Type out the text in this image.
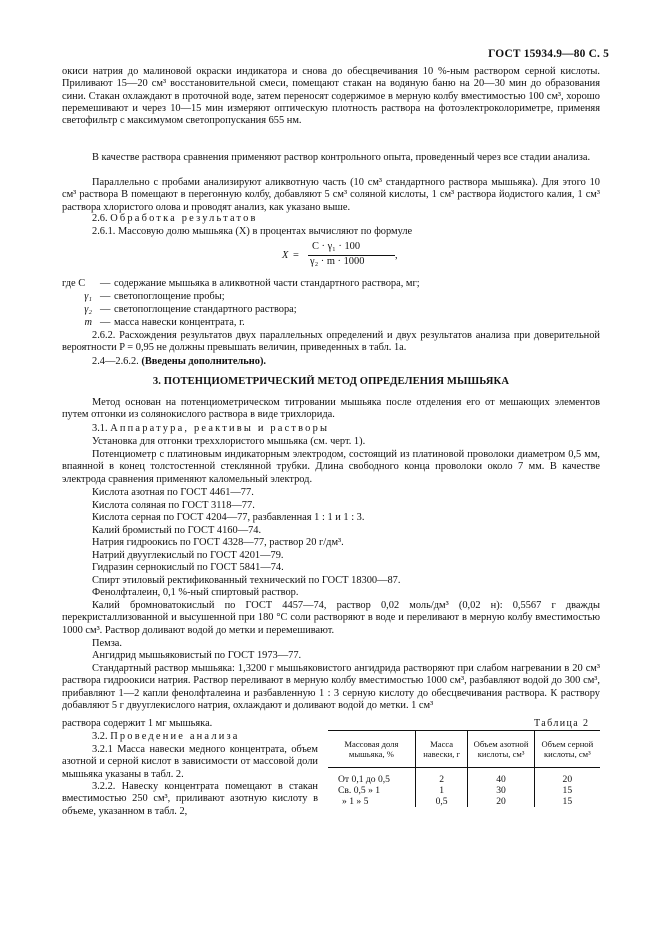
ГОСТ 15934.9—80 С. 5

окиси натрия до малиновой окраски индикатора и снова до обесцвечивания 10 %-ным раствором серной кислоты. Приливают 15—20 см³ восстановительной смеси, помещают стакан на водяную баню на 20—30 мин до образования сини. Стакан охлаждают в проточной воде, затем переносят содержимое в мерную колбу вместимостью 100 см³, хорошо перемешивают и через 10—15 мин измеряют оптическую плотность раствора на фотоэлектроколориметре, применяя светофильтр с максимумом светопропускания 655 нм.

В качестве раствора сравнения применяют раствор контрольного опыта, проведенный через все стадии анализа.

Параллельно с пробами анализируют аликвотную часть (10 см³ стандартного раствора мышьяка). Для этого 10 см³ раствора В помещают в перегонную колбу, добавляют 5 см³ соляной кислоты, 1 см³ раствора йодистого калия, 1 см³ раствора хлористого олова и проводят анализ, как указано выше.

2.6. Обработка результатов

2.6.1. Массовую долю мышьяка (X) в процентах вычисляют по формуле

X =
C · γ₁ · 100
γ₂ · m · 1000
,
где C — содержание мышьяка в аликвотной части стандартного раствора, мг;
γ₁ — светопоглощение пробы;
γ₂ — светопоглощение стандартного раствора;
m — масса навески концентрата, г.

2.6.2. Расхождения результатов двух параллельных определений и двух результатов анализа при доверительной вероятности P = 0,95 не должны превышать величин, приведенных в табл. 1а.

2.4—2.6.2. (Введены дополнительно).
3. ПОТЕНЦИОМЕТРИЧЕСКИЙ МЕТОД ОПРЕДЕЛЕНИЯ МЫШЬЯКА

Метод основан на потенциометрическом титровании мышьяка после отделения его от мешающих элементов путем отгонки из солянокислого раствора в виде трихлорида.

3.1. Аппаратура, реактивы и растворы

Установка для отгонки треххлористого мышьяка (см. черт. 1).

Потенциометр с платиновым индикаторным электродом, состоящий из платиновой проволоки диаметром 0,5 мм, впаянной в конец толстостенной стеклянной трубки. Длина свободного конца проволоки около 7 мм. В качестве электрода сравнения применяют каломельный электрод.

Кислота азотная по ГОСТ 4461—77.

Кислота соляная по ГОСТ 3118—77.

Кислота серная по ГОСТ 4204—77, разбавленная 1 : 1 и 1 : 3.

Калий бромистый по ГОСТ 4160—74.

Натрия гидроокись по ГОСТ 4328—77, раствор 20 г/дм³.

Натрий двууглекислый по ГОСТ 4201—79.

Гидразин сернокислый по ГОСТ 5841—74.

Спирт этиловый ректификованный технический по ГОСТ 18300—87.

Фенолфталеин, 0,1 %-ный спиртовый раствор.

Калий бромноватокислый по ГОСТ 4457—74, раствор 0,02 моль/дм³ (0,02 н): 0,5567 г дважды перекристаллизованной и высушенной при 180 °С соли растворяют в воде и переливают в мерную колбу вместимостью 1000 см³. Раствор доливают водой до метки и перемешивают.

Пемза.

Ангидрид мышьяковистый по ГОСТ 1973—77.

Стандартный раствор мышьяка: 1,3200 г мышьяковистого ангидрида растворяют при слабом нагревании в 20 см³ раствора гидроокиси натрия. Раствор переливают в мерную колбу вместимостью 1000 см³, разбавляют водой до 300 см³, прибавляют 1—2 капли фенолфталеина и разбавленную 1 : 3 серную кислоту до обесцвечивания раствора. К раствору добавляют 5 г двууглекислого натрия, охлаждают и доливают водой до метки. 1 см³

раствора содержит 1 мг мышьяка.

3.2. Проведение анализа

3.2.1 Масса навески медного концентрата, объем азотной и серной кислот в зависимости от массовой доли мышьяка указаны в табл. 2.

3.2.2. Навеску концентрата помещают в стакан вместимостью 250 см³, приливают азотную кислоту в объеме, указанном в табл. 2,

Таблица 2
Массовая доля мышьяка, %	Масса навески, г	Объем азотной кислоты, см³	Объем серной кислоты, см³
От 0,1 до 0,5	2	40	20
Св. 0,5 » 1	1	30	15
» 1 » 5	0,5	20	15
